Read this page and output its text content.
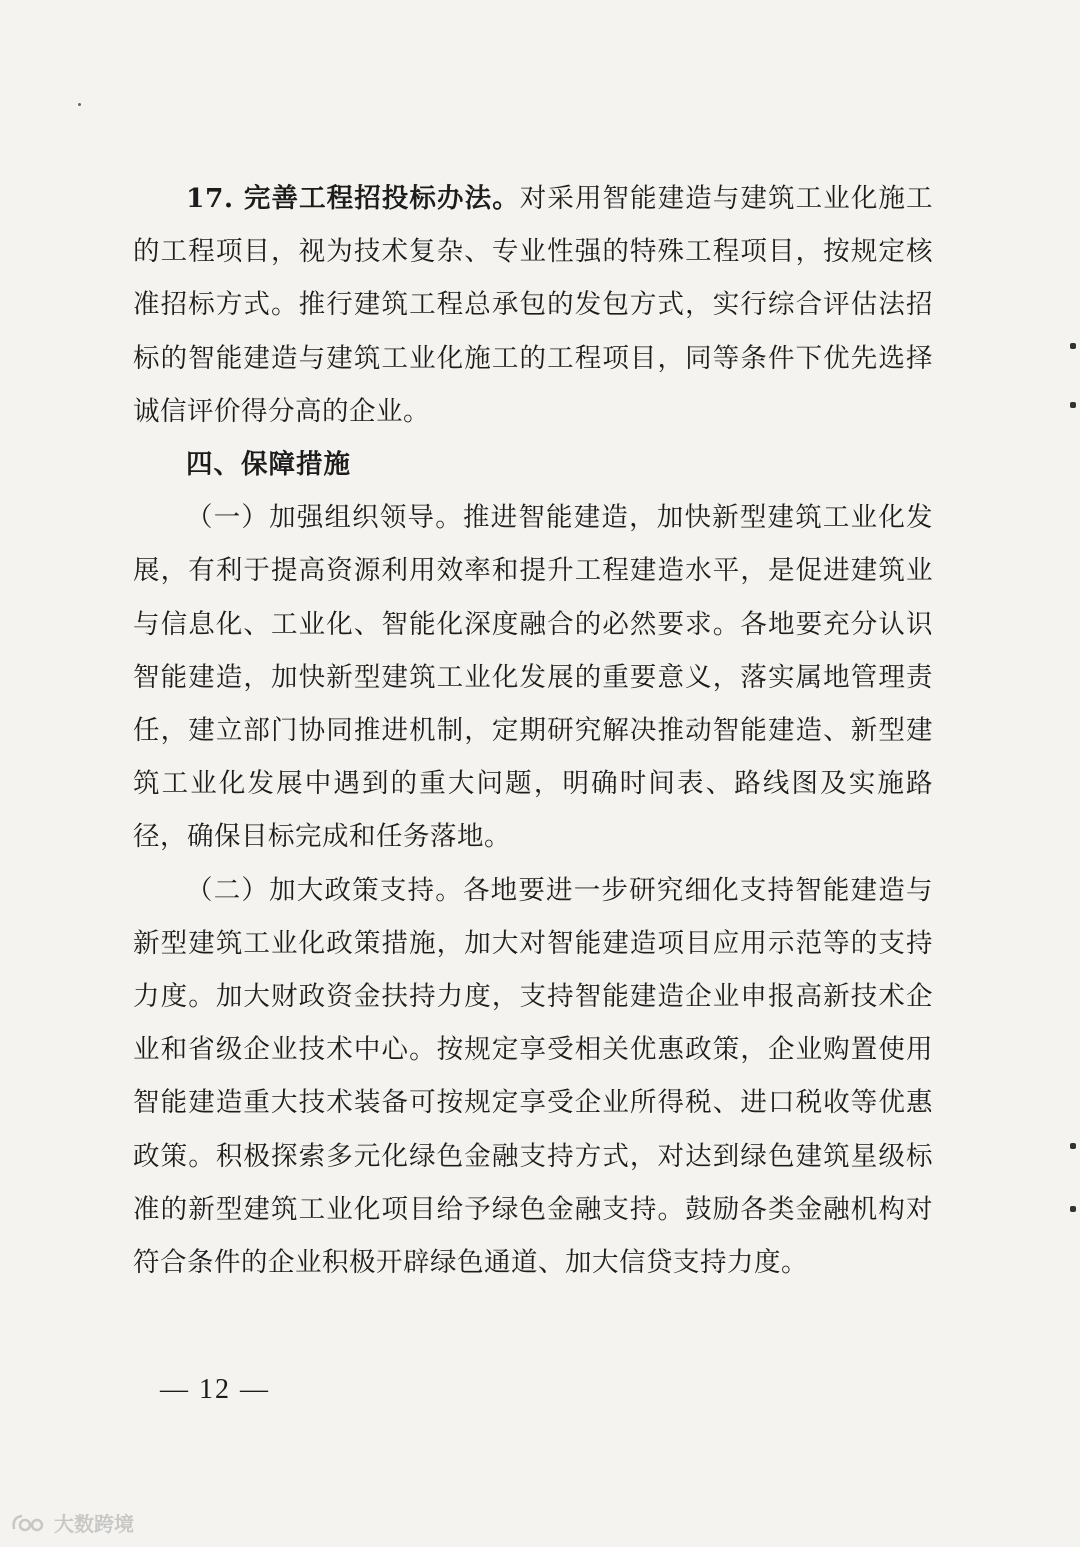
17. 完善工程招投标办法。对采用智能建造与建筑工业化施工的工程项目，视为技术复杂、专业性强的特殊工程项目，按规定核准招标方式。推行建筑工程总承包的发包方式，实行综合评估法招标的智能建造与建筑工业化施工的工程项目，同等条件下优先选择诚信评价得分高的企业。

四、保障措施

（一）加强组织领导。推进智能建造，加快新型建筑工业化发展，有利于提高资源利用效率和提升工程建造水平，是促进建筑业与信息化、工业化、智能化深度融合的必然要求。各地要充分认识智能建造，加快新型建筑工业化发展的重要意义，落实属地管理责任，建立部门协同推进机制，定期研究解决推动智能建造、新型建筑工业化发展中遇到的重大问题，明确时间表、路线图及实施路径，确保目标完成和任务落地。

（二）加大政策支持。各地要进一步研究细化支持智能建造与新型建筑工业化政策措施，加大对智能建造项目应用示范等的支持力度。加大财政资金扶持力度，支持智能建造企业申报高新技术企业和省级企业技术中心。按规定享受相关优惠政策，企业购置使用智能建造重大技术装备可按规定享受企业所得税、进口税收等优惠政策。积极探索多元化绿色金融支持方式，对达到绿色建筑星级标准的新型建筑工业化项目给予绿色金融支持。鼓励各类金融机构对符合条件的企业积极开辟绿色通道、加大信贷支持力度。

— 12 —
大数跨境
